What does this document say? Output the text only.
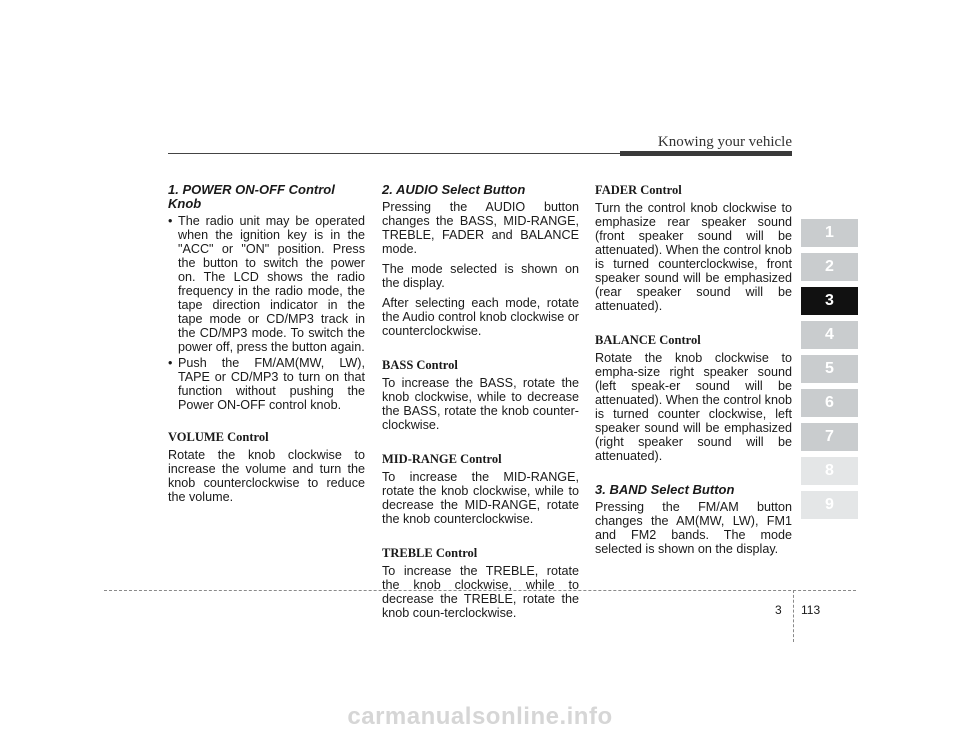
Knowing your vehicle
1. POWER ON-OFF Control Knob
• The radio unit may be operated when the ignition key is in the "ACC" or "ON" position. Press the button to switch the power on. The LCD shows the radio frequency in the radio mode, the tape direction indicator in the tape mode or CD/MP3 track in the CD/MP3 mode. To switch the power off, press the button again.
• Push the FM/AM(MW, LW), TAPE or CD/MP3 to turn on that function without pushing the Power ON-OFF control knob.
VOLUME Control

Rotate the knob clockwise to increase the volume and turn the knob counterclockwise to reduce the volume.

2. AUDIO Select Button

Pressing the AUDIO button changes the BASS, MID-RANGE, TREBLE, FADER and BALANCE mode.

The mode selected is shown on the display.

After selecting each mode, rotate the Audio control knob clockwise or counterclockwise.

BASS Control

To increase the BASS, rotate the knob clockwise, while to decrease the BASS, rotate the knob counter-clockwise.

MID-RANGE Control

To increase the MID-RANGE, rotate the knob clockwise, while to decrease the MID-RANGE, rotate the knob counterclockwise.

TREBLE Control

To increase the TREBLE, rotate the knob clockwise, while to decrease the TREBLE, rotate the knob coun-terclockwise.

FADER Control

Turn the control knob clockwise to emphasize rear speaker sound (front speaker sound will be attenuated). When the control knob is turned counterclockwise, front speaker sound will be emphasized (rear speaker sound will be attenuated).

BALANCE Control

Rotate the knob clockwise to empha-size right speaker sound (left speak-er sound will be attenuated). When the control knob is turned counter clockwise, left speaker sound will be emphasized (right speaker sound will be attenuated).

3. BAND Select Button

Pressing the FM/AM button changes the AM(MW, LW), FM1 and FM2 bands. The mode selected is shown on the display.

1
2
3
4
5
6
7
8
9
3 113
carmanualsonline.info
